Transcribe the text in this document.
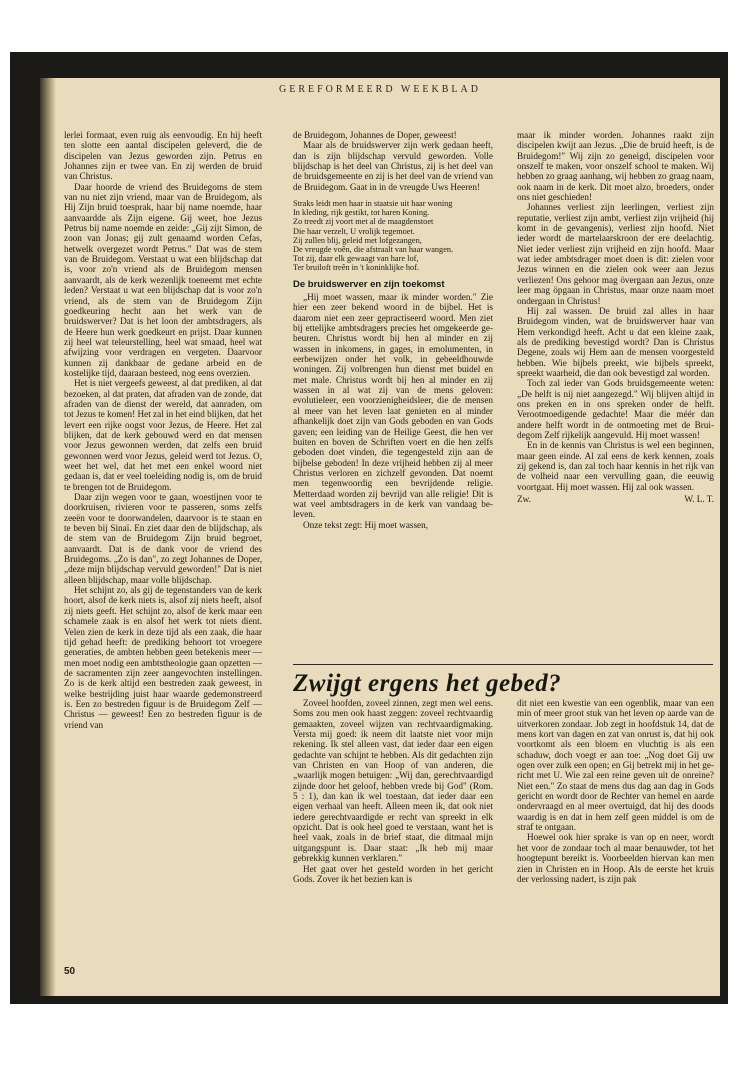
GEREFORMEERD WEEKBLAD

lerlei formaat, even ruig als eenvoudig. En hij heeft ten slotte een aantal discipelen geleverd, die de discipelen van Jezus geworden zijn. Petrus en Johannes zijn er twee van. En zij werden de bruid van Christus.

Daar hoorde de vriend des Bruidegoms de stem van nu niet zijn vriend, maar van de Bruidegom, als Hij Zijn bruid toesprak, haar bij name noemde, haar aanvaardde als Zijn eigene. Gij weet, hoe Jezus Petrus bij name noemde en zeide: „Gij zijt Simon, de zoon van Jonas; gij zult genaamd worden Cefas, hetwelk overgezet wordt Petrus." Dat was de stem van de Bruidegom. Verstaat u wat een blijdschap dat is, voor zo'n vriend als de Bruidegom mensen aanvaardt, als de kerk wezenlijk toeneemt met echte leden? Verstaat u wat een blijdschap dat is voor zo'n vriend, als de stem van de Bruidegom Zijn goedkeuring hecht aan het werk van de bruidswerver? Dat is het loon der ambtsdragers, als de Heere hun werk goedkeurt en prijst. Daar kunnen zij heel wat teleurstelling, heel wat smaad, heel wat afwijzing voor verdragen en vergeten. Daarvoor kunnen zij dankbaar de gedane arbeid en de kostelijke tijd, daaraan besteed, nog eens overzien.

Het is niet vergeefs geweest, al dat prediken, al dat bezoeken, al dat praten, dat afraden van de zonde, dat afraden van de dienst der wereld, dat aanraden, om tot Jezus te komen! Het zal in het eind blijken, dat het levert een rijke oogst voor Jezus, de Heere. Het zal blijken, dat de kerk gebouwd werd en dat mensen voor Jezus gewonnen werden, dat zelfs een bruid gewonnen werd voor Jezus, geleid werd tot Jezus. O, weet het wel, dat het met een enkel woord niet gedaan is, dat er veel toeleiding nodig is, om de bruid te brengen tot de Bruidegom.

Daar zijn wegen voor te gaan, woestijnen voor te doorkruisen, rivieren voor te passeren, soms zelfs zeeën voor te doorwandelen, daarvoor is te staan en te beven bij Sinaï. En ziet daar den de blijdschap, als de stem van de Bruidegom Zijn bruid begroet, aanvaardt. Dat is de dank voor de vriend des Bruidegoms. „Zo is dan", zo zegt Johannes de Doper, „deze mijn blijdschap vervuld geworden!" Dat is niet alleen blijdschap, maar volle blijdschap.

Het schijnt zo, als gij de tegenstanders van de kerk hoort, alsof de kerk niets is, alsof zij niets heeft, alsof zij niets geeft. Het schijnt zo, alsof de kerk maar een schamele zaak is en alsof het werk tot niets dient. Velen zien de kerk in deze tijd als een zaak, die haar tijd gehad heeft: de prediking behoort tot vroegere generaties, de ambten hebben geen betekenis meer — men moet nodig een ambtstheologie gaan opzetten — de sacramenten zijn zeer aangevochten instellingen. Zo is de kerk altijd een bestreden zaak geweest, in welke bestrijding juist haar waarde gedemonstreerd is. Een zo bestreden figuur is de Bruidegom Zelf — Christus — geweest! Een zo bestreden figuur is de vriend van

de Bruidegom, Johannes de Doper, geweest!

Maar als de bruidswerver zijn werk gedaan heeft, dan is zijn blijdschap vervuld geworden. Volle blijdschap is het deel van Christus, zij is het deel van de bruidsgemeente en zij is het deel van de vriend van de Bruidegom. Gaat in in de vreugde Uws Heeren!

Straks leidt men haar in staatsie uit haar woning
In kleding, rijk gestikt, tot haren Koning.
Zo treedt zij voort met al de maagdenstoet
Die haar verzelt, U vrolijk tegemoet.
Zij zullen blij, geleid met lofgezangen,
De vreugde voên, die afstraalt van haar wangen.
Tot zij, daar elk gewaagt van hare lof,
Ter bruiloft treên in 't koninklijke hof.
De bruidswerver en zijn toekomst

„Hij moet wassen, maar ik minder worden." Zie hier een zeer bekend woord in de bijbel. Het is daarom niet een zeer gepractiseerd woord. Men ziet bij ettelijke ambtsdragers precies het omgekeerde gebeuren. Christus wordt bij hen al minder en zij wassen in inkomens, in gages, in emolumenten, in eerbewijzen onder het volk, in gebeeldhouwde woningen. Zij volbrengen hun dienst met buidel en met male. Christus wordt bij hen al minder en zij wassen in al wat zij van de mens geloven: evolutieleer, een voorzienigheidsleer, die de mensen al meer van het leven laat genieten en al minder afhankelijk doet zijn van Gods geboden en van Gods gaven; een leiding van de Heilige Geest, die hen ver buiten en boven de Schriften voert en die hen zelfs geboden doet vinden, die tegengesteld zijn aan de bijbelse geboden! In deze vrijheid hebben zij al meer Christus verloren en zichzelf gevonden. Dat noemt men tegenwoordig een bevrijdende religie. Metterdaad worden zij bevrijd van alle religie! Dit is wat veel ambtsdragers in de kerk van vandaag beleven.

Onze tekst zegt: Hij moet wassen,

maar ik minder worden. Johannes raakt zijn discipelen kwijt aan Jezus. „Die de bruid heeft, is de Bruidegom!" Wij zijn zo geneigd, discipelen voor onszelf te maken, voor onszelf school te maken. Wij hebben zo graag aanhang, wij hebben zo graag naam, ook naam in de kerk. Dit moet alzo, broeders, onder ons niet geschieden!

Johannes verliest zijn leerlingen, verliest zijn reputatie, verliest zijn ambt, verliest zijn vrijheid (hij komt in de gevangenis), verliest zijn hoofd. Niet ieder wordt de martelaarskroon der ere deelachtig. Niet ieder verliest zijn vrijheid en zijn hoofd. Maar wat ieder ambtsdrager moet doen is dit: zielen voor Jezus winnen en die zielen ook weer aan Jezus verliezen! Ons gehoor mag övergaan aan Jezus, onze leer mag öpgaan in Christus, maar onze naam moet ondergaan in Christus!

Hij zal wassen. De bruid zal alles in haar Bruidegom vinden, wat de bruidswerver haar van Hem verkondigd heeft. Acht u dat een kleine zaak, als de prediking bevestigd wordt? Dan is Christus Degene, zoals wij Hem aan de mensen voorgesteld hebben. Wie bijbels preekt, wie bijbels spreekt, spreekt waarheid, die dan ook bevestigd zal worden.

Toch zal ieder van Gods bruidsgemeente weten: „De helft is nij niet aangezegd." Wij blijven altijd in ons preken en in ons spreken onder de helft. Verootmoedigende gedachte! Maar die méér dan andere helft wordt in de ontmoeting met de Bruidegom Zelf rijkelijk aangevuld. Hij moet wassen!

En in de kennis van Christus is wel een beginnen, maar geen einde. Al zal eens de kerk kennen, zoals zij gekend is, dan zal toch haar kennis in het rijk van de volheid naar een vervulling gaan, die eeuwig voortgaat. Hij moet wassen. Hij zal ook wassen.

Zw.	W. L. T.
Zwijgt ergens het gebed?

Zoveel hoofden, zoveel zinnen, zegt men wel eens. Soms zou men ook haast zeggen: zoveel rechtvaardig gemaakten, zoveel wijzen van rechtvaardigmaking. Versta mij goed: ik neem dit laatste niet voor mijn rekening. Ik stel alleen vast, dat ieder daar een eigen gedachte van schijnt te hebben. Als dit gedachten zijn van Christen en van Hoop of van anderen, die „waarlijk mogen betuigen: „Wij dan, gerechtvaardigd zijnde door het geloof, hebben vrede bij God" (Rom. 5 : 1), dan kan ik wel toestaan, dat ieder daar een eigen verhaal van heeft. Alleen meen ik, dat ook niet iedere gerechtvaardigde er recht van spreekt in elk opzicht. Dat is ook heel goed te verstaan, want het is heel vaak, zoals in de brief staat, die ditmaal mijn uitgangspunt is. Daar staat: „Ik heb mij maar gebrekkig kunnen verklaren."

Het gaat over het gesteld worden in het gericht Gods. Zover ik het bezien kan is

dit niet een kwestie van een ogenblik, maar van een min of meer groot stuk van het leven op aarde van de uitverkoren zondaar. Job zegt in hoofdstuk 14, dat de mens kort van dagen en zat van onrust is, dat hij ook voortkomt als een bloem en vluchtig is als een schaduw, doch voegt er aan toe: „Nog doet Gij uw ogen over zulk een open; en Gij betrekt mij in het gericht met U. Wie zal een reine geven uit de onreine? Niet een." Zo staat de mens dus dag aan dag in Gods gericht en wordt door de Rechter van hemel en aarde ondervraagd en al meer overtuigd, dat hij des doods waardig is en dat in hem zelf geen middel is om de straf te ontgaan.

Hoewel ook hier sprake is van op en neer, wordt het voor de zondaar toch al maar benauwder, tot het hoogtepunt bereikt is. Voorbeelden hiervan kan men zien in Christen en in Hoop. Als de eerste het kruis der verlossing nadert, is zijn pak

50
